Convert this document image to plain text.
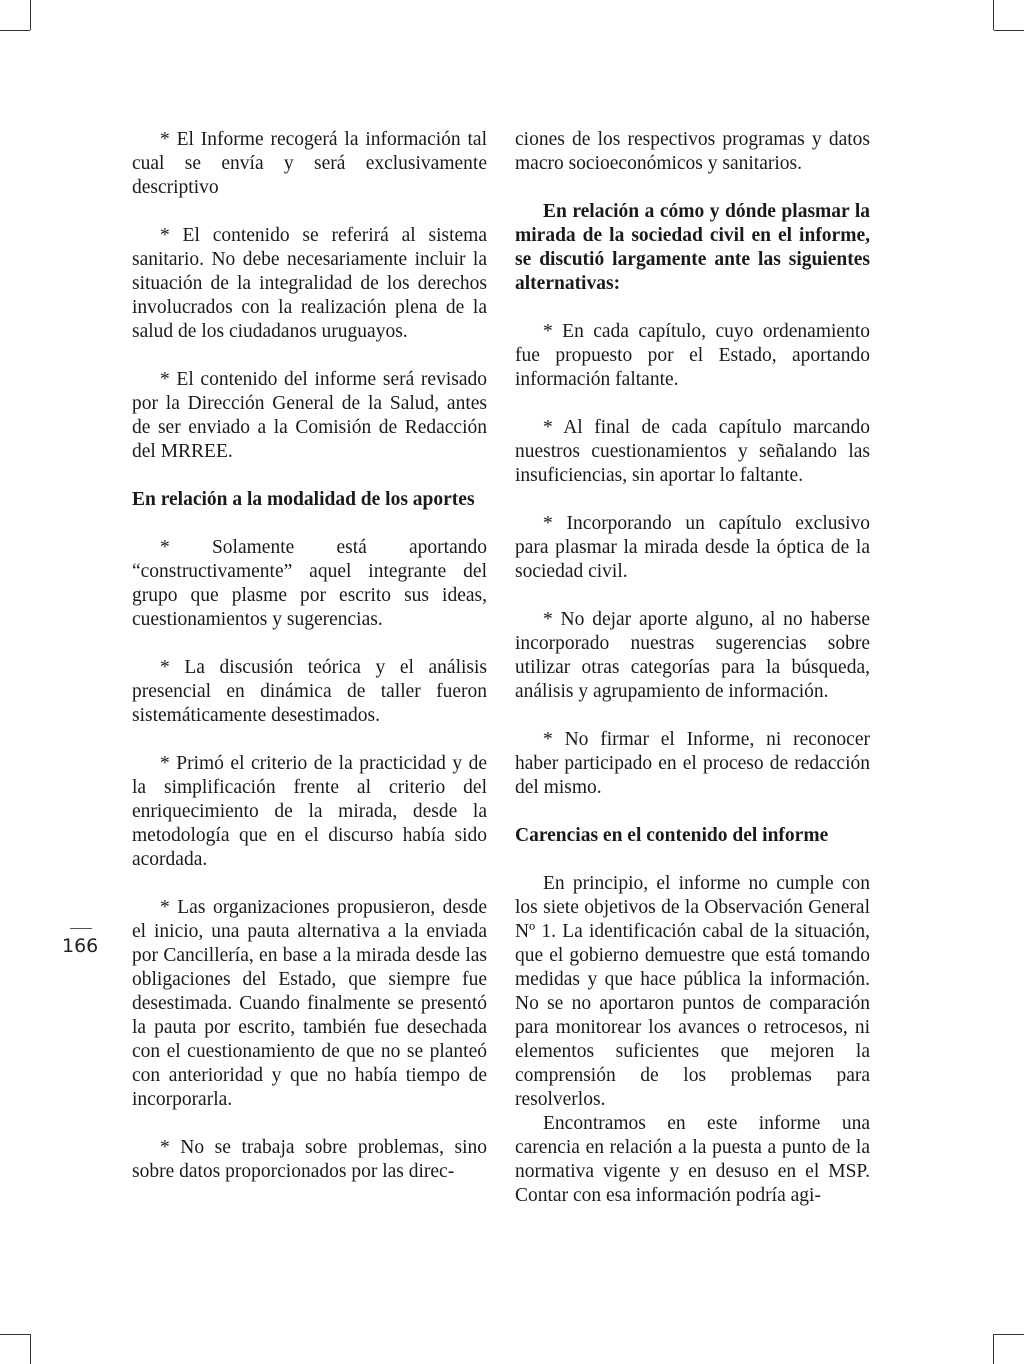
166

* El Informe recogerá la información tal cual se envía y será exclusivamente descriptivo

* El contenido se referirá al sistema sanitario. No debe necesariamente incluir la situación de la integralidad de los derechos involucrados con la realización plena de la salud de los ciudadanos uruguayos.

* El contenido del informe será revisado por la Dirección General de la Salud, antes de ser enviado a la Comisión de Redacción del MRREE.

En relación a la modalidad de los aportes

* Solamente está aportando “constructivamente” aquel integrante del grupo que plasme por escrito sus ideas, cuestionamientos y sugerencias.

* La discusión teórica y el análisis presencial en dinámica de taller fueron sistemáticamente desestimados.

* Primó el criterio de la practicidad y de la simplificación frente al criterio del enriquecimiento de la mirada, desde la metodología que en el discurso había sido acordada.

* Las organizaciones propusieron, desde el inicio, una pauta alternativa a la enviada por Cancillería, en base a la mirada desde las obligaciones del Estado, que siempre fue desestimada. Cuando finalmente se presentó la pauta por escrito, también fue desechada con el cuestionamiento de que no se planteó con anterioridad y que no había tiempo de incorporarla.

* No se trabaja sobre problemas, sino sobre datos proporcionados por las direc-

ciones de los respectivos programas y datos macro socioeconómicos y sanitarios.

En relación a cómo y dónde plasmar la mirada de la sociedad civil en el informe, se discutió largamente ante las siguientes alternativas:

* En cada capítulo, cuyo ordenamiento fue propuesto por el Estado, aportando información faltante.

* Al final de cada capítulo marcando nuestros cuestionamientos y señalando las insuficiencias, sin aportar lo faltante.

* Incorporando un capítulo exclusivo para plasmar la mirada desde la óptica de la sociedad civil.

* No dejar aporte alguno, al no haberse incorporado nuestras sugerencias sobre utilizar otras categorías para la búsqueda, análisis y agrupamiento de información.

* No firmar el Informe, ni reconocer haber participado en el proceso de redacción del mismo.

Carencias en el contenido del informe

En principio, el informe no cumple con los siete objetivos de la Observación General Nº 1. La identificación cabal de la situación, que el gobierno demuestre que está tomando medidas y que hace pública la información. No se no aportaron puntos de comparación para monitorear los avances o retrocesos, ni elementos suficientes que mejoren la comprensión de los problemas para resolverlos.

Encontramos en este informe una carencia en relación a la puesta a punto de la normativa vigente y en desuso en el MSP. Contar con esa información podría agi-
